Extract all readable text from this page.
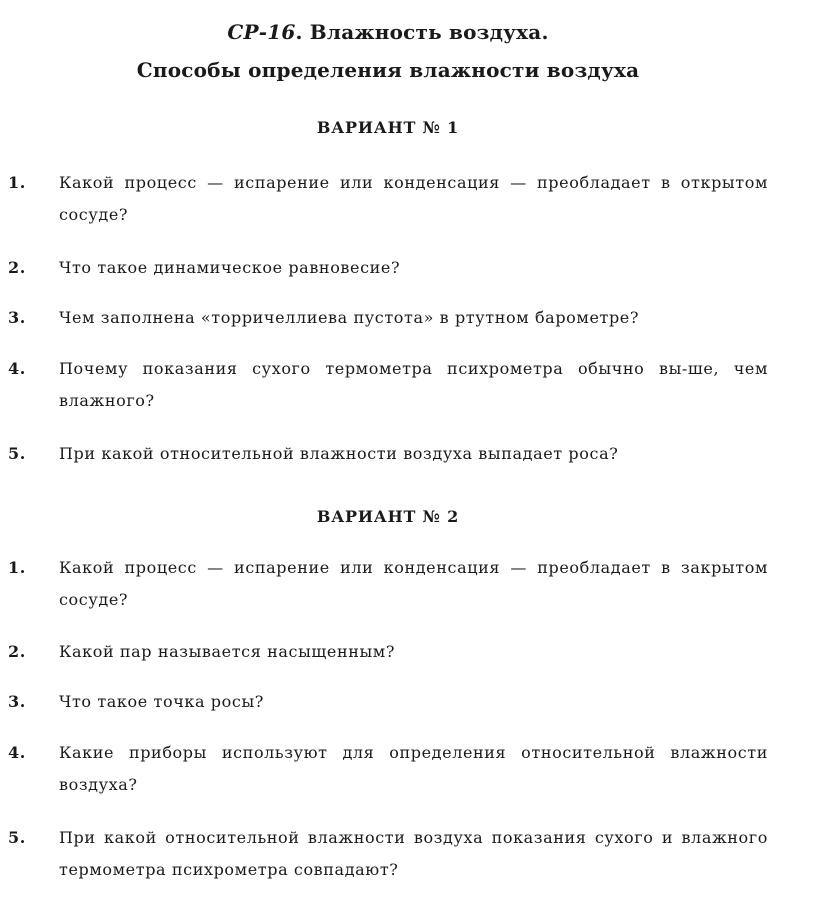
СР-16. Влажность воздуха.
Способы определения влажности воздуха
ВАРИАНТ № 1
1. Какой процесс — испарение или конденсация — преобладает в открытом сосуде?
2. Что такое динамическое равновесие?
3. Чем заполнена «торричеллиева пустота» в ртутном барометре?
4. Почему показания сухого термометра психрометра обычно вы-ше, чем влажного?
5. При какой относительной влажности воздуха выпадает роса?
ВАРИАНТ № 2
1. Какой процесс — испарение или конденсация — преобладает в закрытом сосуде?
2. Какой пар называется насыщенным?
3. Что такое точка росы?
4. Какие приборы используют для определения относительной влажности воздуха?
5. При какой относительной влажности воздуха показания сухого и влажного термометра психрометра совпадают?
